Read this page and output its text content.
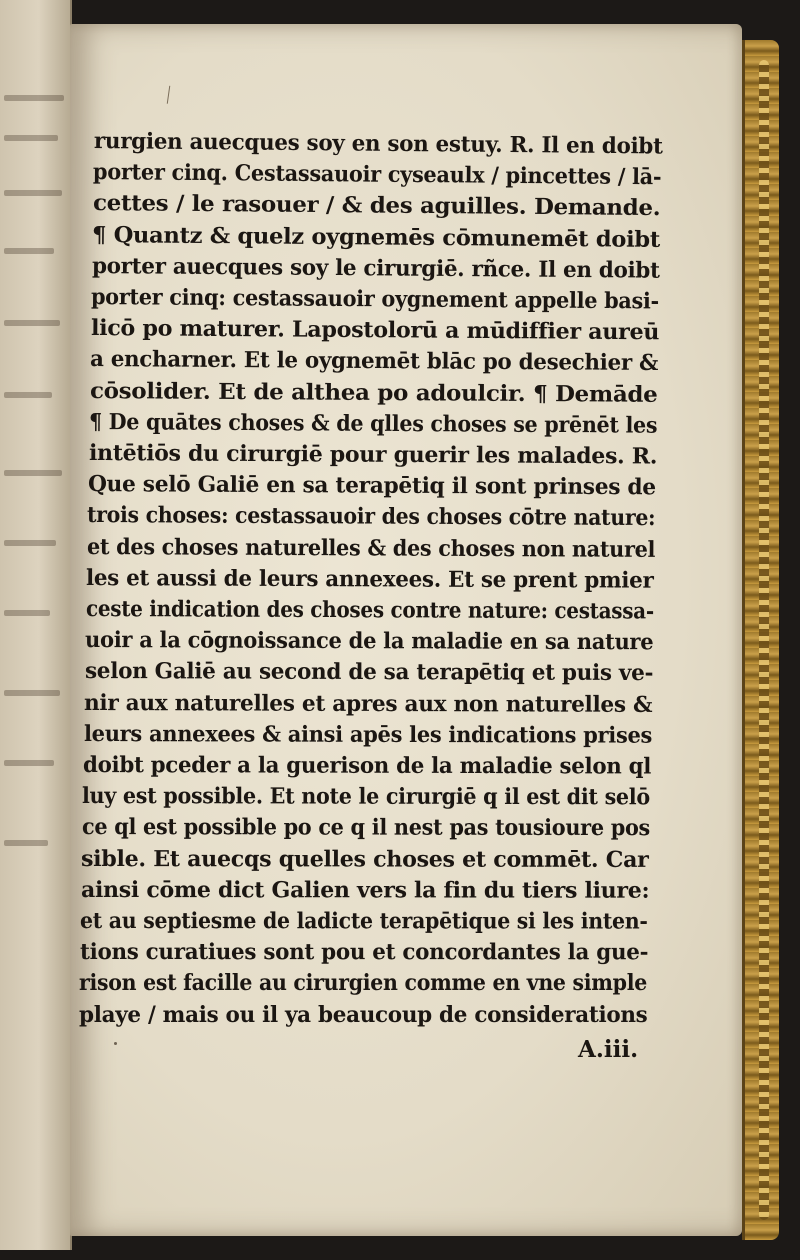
rurgien auecques soy en son estuy. R. Il en doibt
porter cinq. Cestassauoir cyseaulx / pincettes / lā-
cettes / le rasouer / & des aguilles. Demande.
¶ Quantz & quelz oygnemēs cōmunemēt doibt
porter auecques soy le cirurgiē. rñce. Il en doibt
porter cinq: cestassauoir oygnement appelle basi-
licō po maturer. Lapostolorū a mūdiffier aureū
a encharner. Et le oygnemēt blāc po desechier &
cōsolider. Et de althea po adoulcir. ¶ Demāde
¶ De quātes choses & de qlles choses se prēnēt les
intētiōs du cirurgiē pour guerir les malades. R.
Que selō Galiē en sa terapētiq il sont prinses de
trois choses: cestassauoir des choses cōtre nature:
et des choses naturelles & des choses non naturel
les et aussi de leurs annexees. Et se prent pmier
ceste indication des choses contre nature: cestassa-
uoir a la cōgnoissance de la maladie en sa nature
selon Galiē au second de sa terapētiq et puis ve-
nir aux naturelles et apres aux non naturelles &
leurs annexees & ainsi apēs les indications prises
doibt pceder a la guerison de la maladie selon ql
luy est possible. Et note le cirurgiē q il est dit selō
ce ql est possible po ce q il nest pas tousioure pos
sible. Et auecqs quelles choses et commēt. Car
ainsi cōme dict Galien vers la fin du tiers liure:
et au septiesme de ladicte terapētique si les inten-
tions curatiues sont pou et concordantes la gue-
rison est facille au cirurgien comme en vne simple
playe / mais ou il ya beaucoup de considerations
A.iii.
